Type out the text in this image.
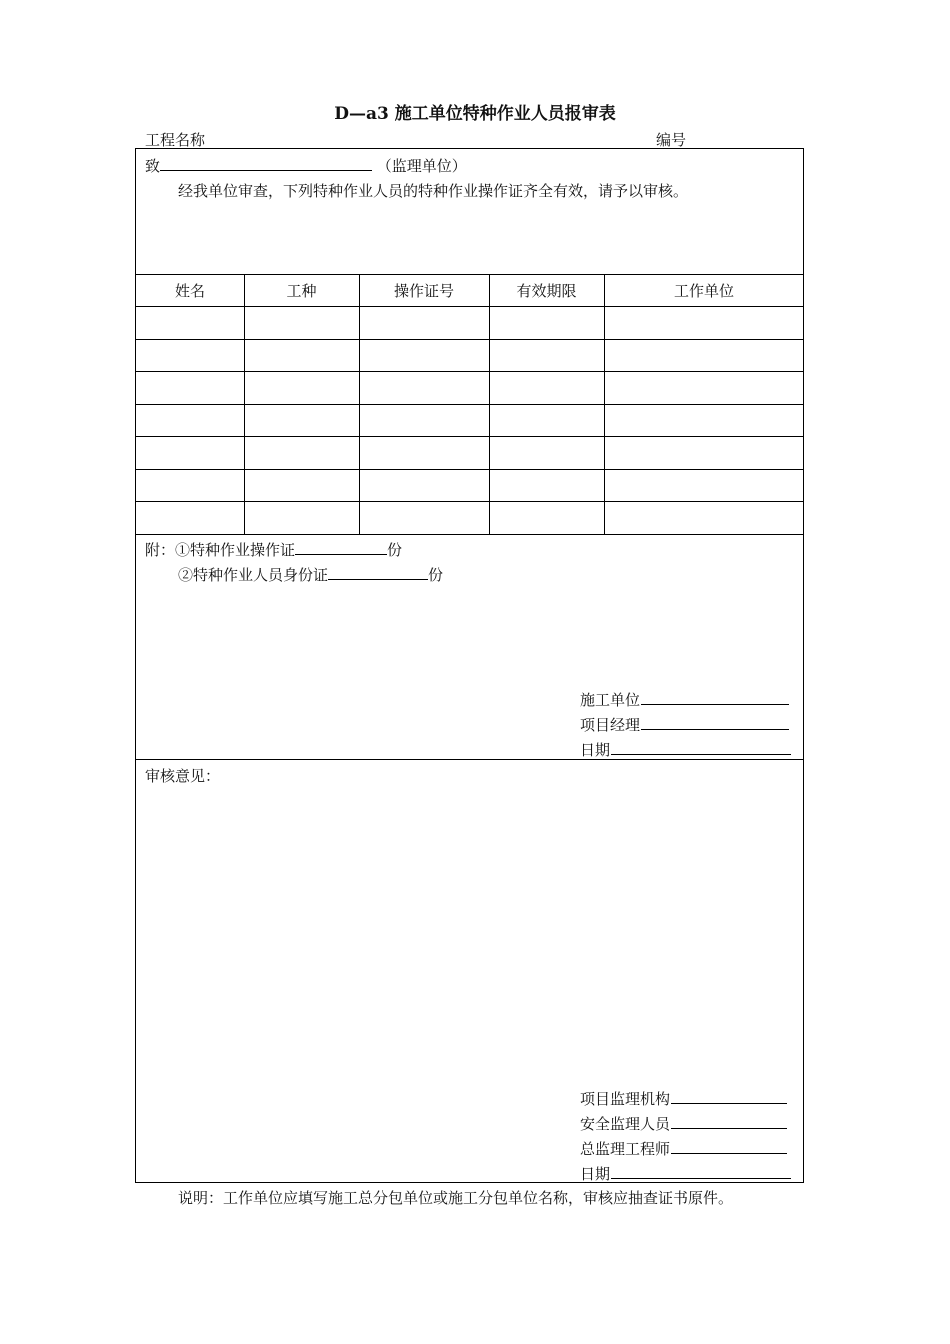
D—a3 施工单位特种作业人员报审表
工程名称	编号
致	（监理单位）
经我单位审查，下列特种作业人员的特种作业操作证齐全有效，请予以审核。
姓名	工种	操作证号	有效期限	工作单位
附：①特种作业操作证	份
②特种作业人员身份证	份
施工单位
项目经理
日期
审核意见：
项目监理机构
安全监理人员
总监理工程师
日期
说明：工作单位应填写施工总分包单位或施工分包单位名称，审核应抽查证书原件。
